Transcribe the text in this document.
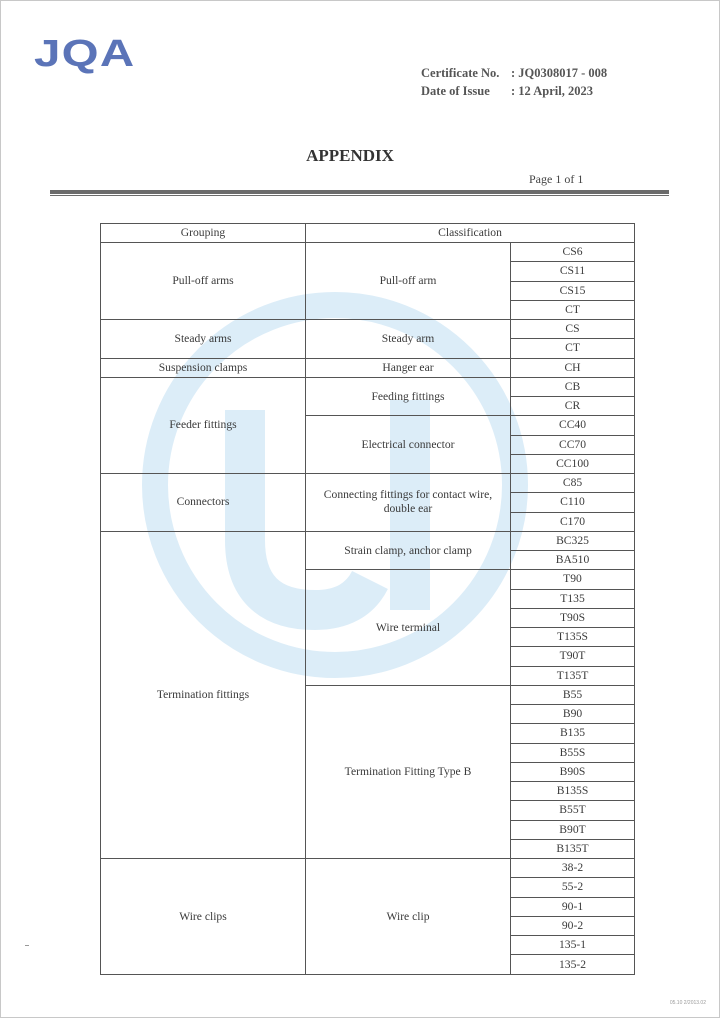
JQA	Certificate No. : JQ0308017 - 008
Date of Issue : 12 April, 2023
APPENDIX
Page 1 of 1
Grouping	Classification	
Pull-off arms	Pull-off arm	CS6
		CS11
		CS15
		CT
Steady arms	Steady arm	CS
		CT
Suspension clamps	Hanger ear	CH
Feeder fittings	Feeding fittings	CB
		CR
	Electrical connector	CC40
		CC70
		CC100
Connectors	Connecting fittings for contact wire, double ear	C85
		C110
		C170
Termination fittings	Strain clamp, anchor clamp	BC325
		BA510
	Wire terminal	T90
		T135
		T90S
		T135S
		T90T
		T135T
	Termination Fitting Type B	B55
		B90
		B135
		B55S
		B90S
		B135S
		B55T
		B90T
		B135T
Wire clips	Wire clip	38-2
		55-2
		90-1
		90-2
		135-1
		135-2
05.10 2/2013.02
